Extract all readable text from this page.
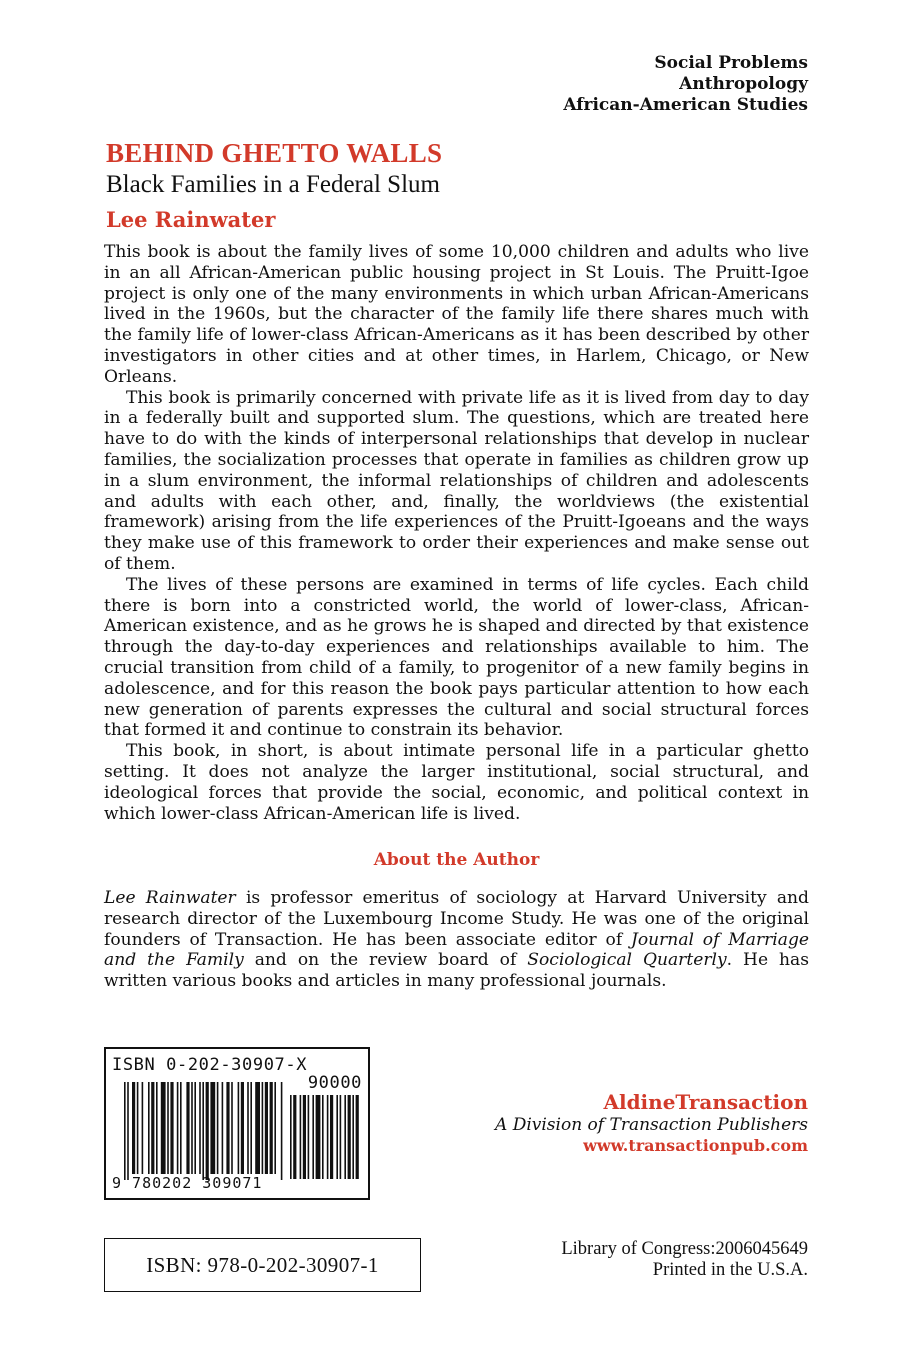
Social Problems
Anthropology
African-American Studies
BEHIND GHETTO WALLS
Black Families in a Federal Slum
Lee Rainwater

This book is about the family lives of some 10,000 children and adults who live in an all African-American public housing project in St Louis. The Pruitt-Igoe project is only one of the many environments in which urban African-Americans lived in the 1960s, but the character of the family life there shares much with the family life of lower-class African-Americans as it has been described by other investigators in other cities and at other times, in Harlem, Chicago, or New Orleans.

This book is primarily concerned with private life as it is lived from day to day in a federally built and supported slum. The questions, which are treated here have to do with the kinds of interpersonal relationships that develop in nuclear families, the socialization processes that operate in families as children grow up in a slum environment, the informal relationships of children and adolescents and adults with each other, and, finally, the worldviews (the existential framework) arising from the life experiences of the Pruitt-Igoeans and the ways they make use of this framework to order their experiences and make sense out of them.

The lives of these persons are examined in terms of life cycles. Each child there is born into a constricted world, the world of lower-class, African-American existence, and as he grows he is shaped and directed by that existence through the day-to-day experiences and relationships available to him. The crucial transition from child of a family, to progenitor of a new family begins in adolescence, and for this reason the book pays particular attention to how each new generation of parents expresses the cultural and social structural forces that formed it and continue to constrain its behavior.

This book, in short, is about intimate personal life in a particular ghetto setting. It does not analyze the larger institutional, social structural, and ideological forces that provide the social, economic, and political context in which lower-class African-American life is lived.

About the Author

Lee Rainwater is professor emeritus of sociology at Harvard University and research director of the Luxembourg Income Study. He was one of the original founders of Transaction. He has been associate editor of Journal of Marriage and the Family and on the review board of Sociological Quarterly. He has written various books and articles in many professional journals.

ISBN 0-202-30907-X
90000
9 780202 309071
AldineTransaction
A Division of Transaction Publishers
www.transactionpub.com
ISBN: 978-0-202-30907-1
Library of Congress:2006045649
Printed in the U.S.A.
